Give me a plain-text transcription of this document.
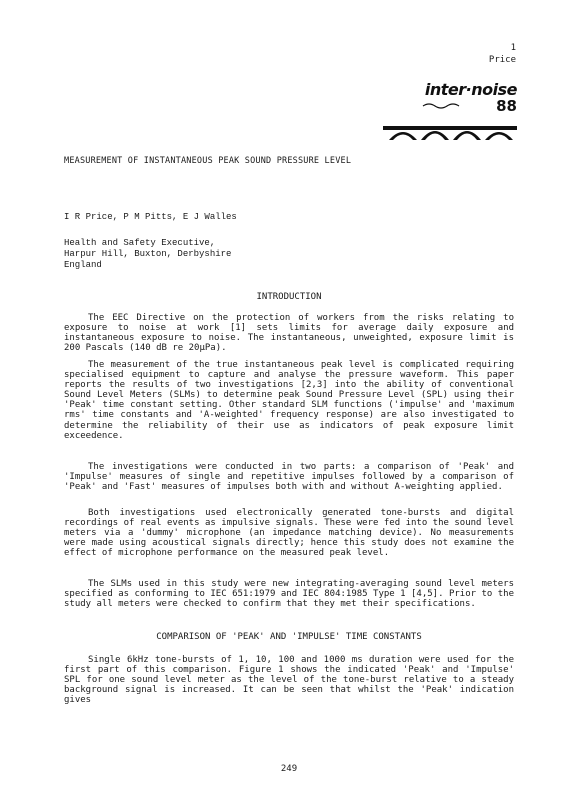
1
Price
inter·noise
88
MEASUREMENT OF INSTANTANEOUS PEAK SOUND PRESSURE LEVEL
I R Price, P M Pitts, E J Walles
Health and Safety Executive,
Harpur Hill, Buxton, Derbyshire
England
INTRODUCTION
The EEC Directive on the protection of workers from the risks relating to exposure to noise at work [1] sets limits for average daily exposure and instantaneous exposure to noise. The instantaneous, unweighted, exposure limit is 200 Pascals (140 dB re 20µPa).
The measurement of the true instantaneous peak level is complicated requiring specialised equipment to capture and analyse the pressure waveform. This paper reports the results of two investigations [2,3] into the ability of conventional Sound Level Meters (SLMs) to determine peak Sound Pressure Level (SPL) using their 'Peak' time constant setting. Other standard SLM functions ('impulse' and 'maximum rms' time constants and 'A-weighted' frequency response) are also investigated to determine the reliability of their use as indicators of peak exposure limit exceedence.
The investigations were conducted in two parts: a comparison of 'Peak' and 'Impulse' measures of single and repetitive impulses followed by a comparison of 'Peak' and 'Fast' measures of impulses both with and without A-weighting applied.
Both investigations used electronically generated tone-bursts and digital recordings of real events as impulsive signals. These were fed into the sound level meters via a 'dummy' microphone (an impedance matching device). No measurements were made using acoustical signals directly; hence this study does not examine the effect of microphone performance on the measured peak level.
The SLMs used in this study were new integrating-averaging sound level meters specified as conforming to IEC 651:1979 and IEC 804:1985 Type 1 [4,5]. Prior to the study all meters were checked to confirm that they met their specifications.
COMPARISON OF 'PEAK' AND 'IMPULSE' TIME CONSTANTS
Single 6kHz tone-bursts of 1, 10, 100 and 1000 ms duration were used for the first part of this comparison. Figure 1 shows the indicated 'Peak' and 'Impulse' SPL for one sound level meter as the level of the tone-burst relative to a steady background signal is increased. It can be seen that whilst the 'Peak' indication gives
249
